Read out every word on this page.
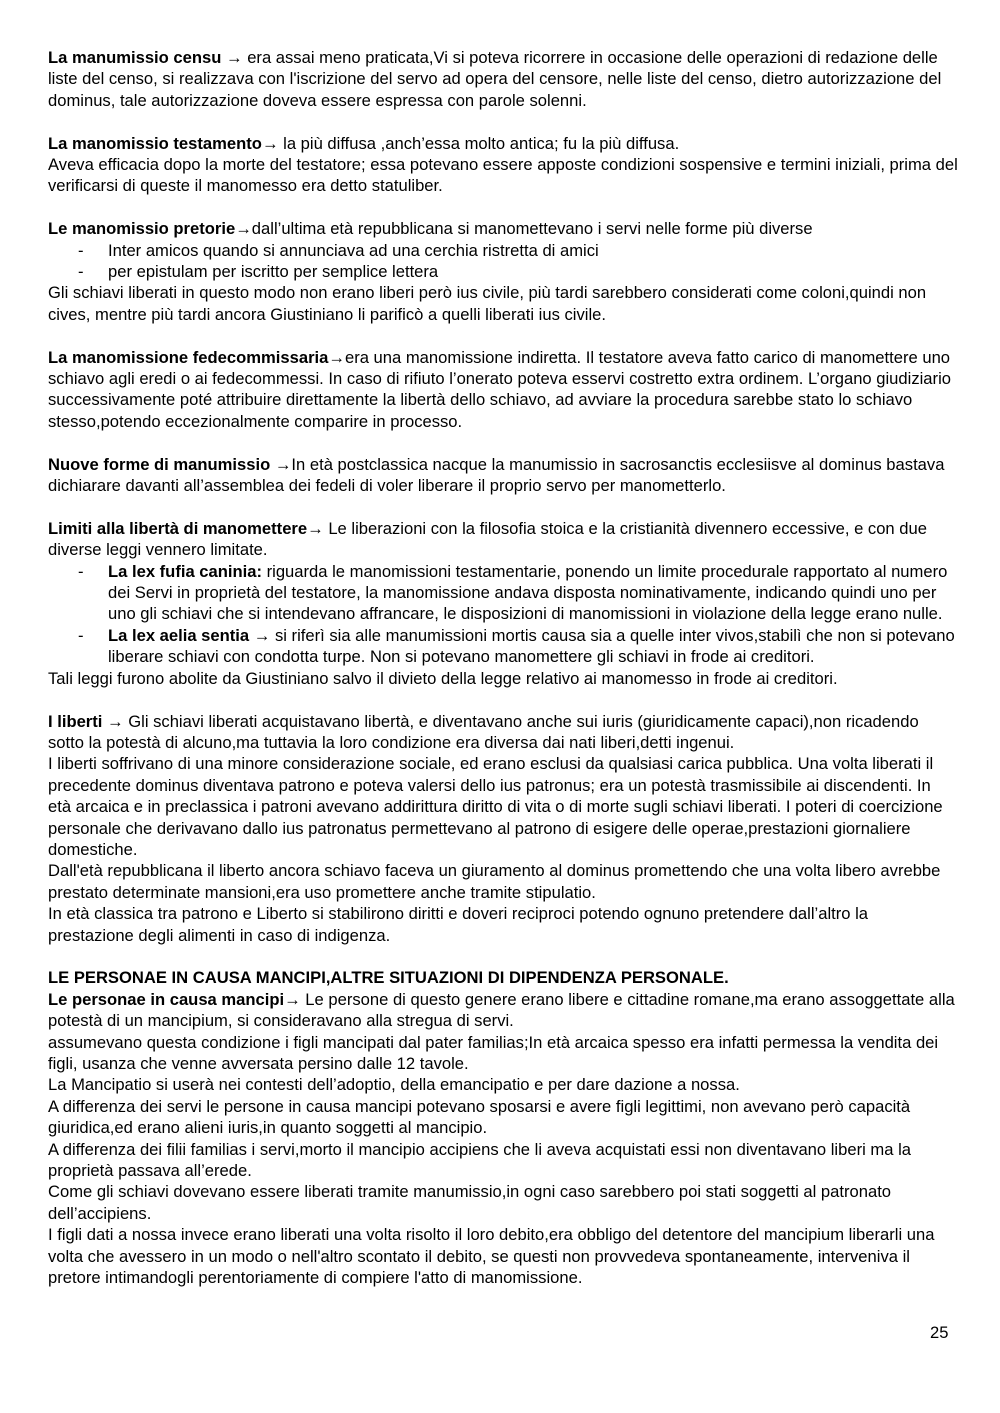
La manumissio censu → era assai meno praticata,Vi si poteva ricorrere in occasione delle operazioni di redazione delle liste del censo, si realizzava con l'iscrizione del servo ad opera del censore, nelle liste del censo, dietro autorizzazione del dominus, tale autorizzazione doveva essere espressa con parole solenni.

La manomissio testamento→ la più diffusa ,anch’essa molto antica; fu la più diffusa.

Aveva efficacia dopo la morte del testatore; essa potevano essere apposte condizioni sospensive e termini iniziali, prima del verificarsi di queste il manomesso era detto statuliber.

Le manomissio pretorie→dall’ultima età repubblicana si manomettevano i servi nelle forme più diverse

- Inter amicos quando si annunciava ad una cerchia ristretta di amici
- per epistulam per iscritto per semplice lettera

Gli schiavi liberati in questo modo non erano liberi però ius civile, più tardi sarebbero considerati come coloni,quindi non cives, mentre più tardi ancora Giustiniano li parificò a quelli liberati ius civile.

La manomissione fedecommissaria→era una manomissione indiretta. Il testatore aveva fatto carico di manomettere uno schiavo agli eredi o ai fedecommessi. In caso di rifiuto l’onerato poteva esservi costretto extra ordinem. L’organo giudiziario successivamente poté attribuire direttamente la libertà dello schiavo, ad avviare la procedura sarebbe stato lo schiavo stesso,potendo eccezionalmente comparire in processo.

Nuove forme di manumissio →In età postclassica nacque la manumissio in sacrosanctis ecclesiisve al dominus bastava dichiarare davanti all’assemblea dei fedeli di voler liberare il proprio servo per manometterlo.

Limiti alla libertà di manomettere→ Le liberazioni con la filosofia stoica e la cristianità divennero eccessive, e con due diverse leggi vennero limitate.

- La lex fufia caninia: riguarda le manomissioni testamentarie, ponendo un limite procedurale rapportato al numero dei Servi in proprietà del testatore, la manomissione andava disposta nominativamente, indicando quindi uno per uno gli schiavi che si intendevano affrancare, le disposizioni di manomissioni in violazione della legge erano nulle.
- La lex aelia sentia → si riferì sia alle manumissioni mortis causa sia a quelle inter vivos,stabilì che non si potevano liberare schiavi con condotta turpe. Non si potevano manomettere gli schiavi in frode ai creditori.

Tali leggi furono abolite da Giustiniano salvo il divieto della legge relativo ai manomesso in frode ai creditori.

I liberti → Gli schiavi liberati acquistavano libertà, e diventavano anche sui iuris (giuridicamente capaci),non ricadendo sotto la potestà di alcuno,ma tuttavia la loro condizione era diversa dai nati liberi,detti ingenui.

I liberti soffrivano di una minore considerazione sociale, ed erano esclusi da qualsiasi carica pubblica. Una volta liberati il precedente dominus diventava patrono e poteva valersi dello ius patronus; era un potestà trasmissibile ai discendenti. In età arcaica e in preclassica i patroni avevano addirittura diritto di vita o di morte sugli schiavi liberati. I poteri di coercizione personale che derivavano dallo ius patronatus permettevano al patrono di esigere delle operae,prestazioni giornaliere domestiche.

Dall'età repubblicana il liberto ancora schiavo faceva un giuramento al dominus promettendo che una volta libero avrebbe prestato determinate mansioni,era uso promettere anche tramite stipulatio.

In età classica tra patrono e Liberto si stabilirono diritti e doveri reciproci potendo ognuno pretendere dall’altro la prestazione degli alimenti in caso di indigenza.

LE PERSONAE IN CAUSA MANCIPI,ALTRE SITUAZIONI DI DIPENDENZA PERSONALE.

Le personae in causa mancipi→ Le persone di questo genere erano libere e cittadine romane,ma erano assoggettate alla potestà di un mancipium, si consideravano alla stregua di servi.

assumevano questa condizione i figli mancipati dal pater familias;In età arcaica spesso era infatti permessa la vendita dei figli, usanza che venne avversata persino dalle 12 tavole.

La Mancipatio si userà nei contesti dell’adoptio, della emancipatio e per dare dazione a nossa.

A differenza dei servi le persone in causa mancipi potevano sposarsi e avere figli legittimi, non avevano però capacità giuridica,ed erano alieni iuris,in quanto soggetti al mancipio.

A differenza dei filii familias i servi,morto il mancipio accipiens che li aveva acquistati essi non diventavano liberi ma la proprietà passava all’erede.

Come gli schiavi dovevano essere liberati tramite manumissio,in ogni caso sarebbero poi stati soggetti al patronato dell’accipiens.

I figli dati a nossa invece erano liberati una volta risolto il loro debito,era obbligo del detentore del mancipium liberarli una volta che avessero in un modo o nell'altro scontato il debito, se questi non provvedeva spontaneamente, interveniva il pretore intimandogli perentoriamente di compiere l'atto di manomissione.

25
